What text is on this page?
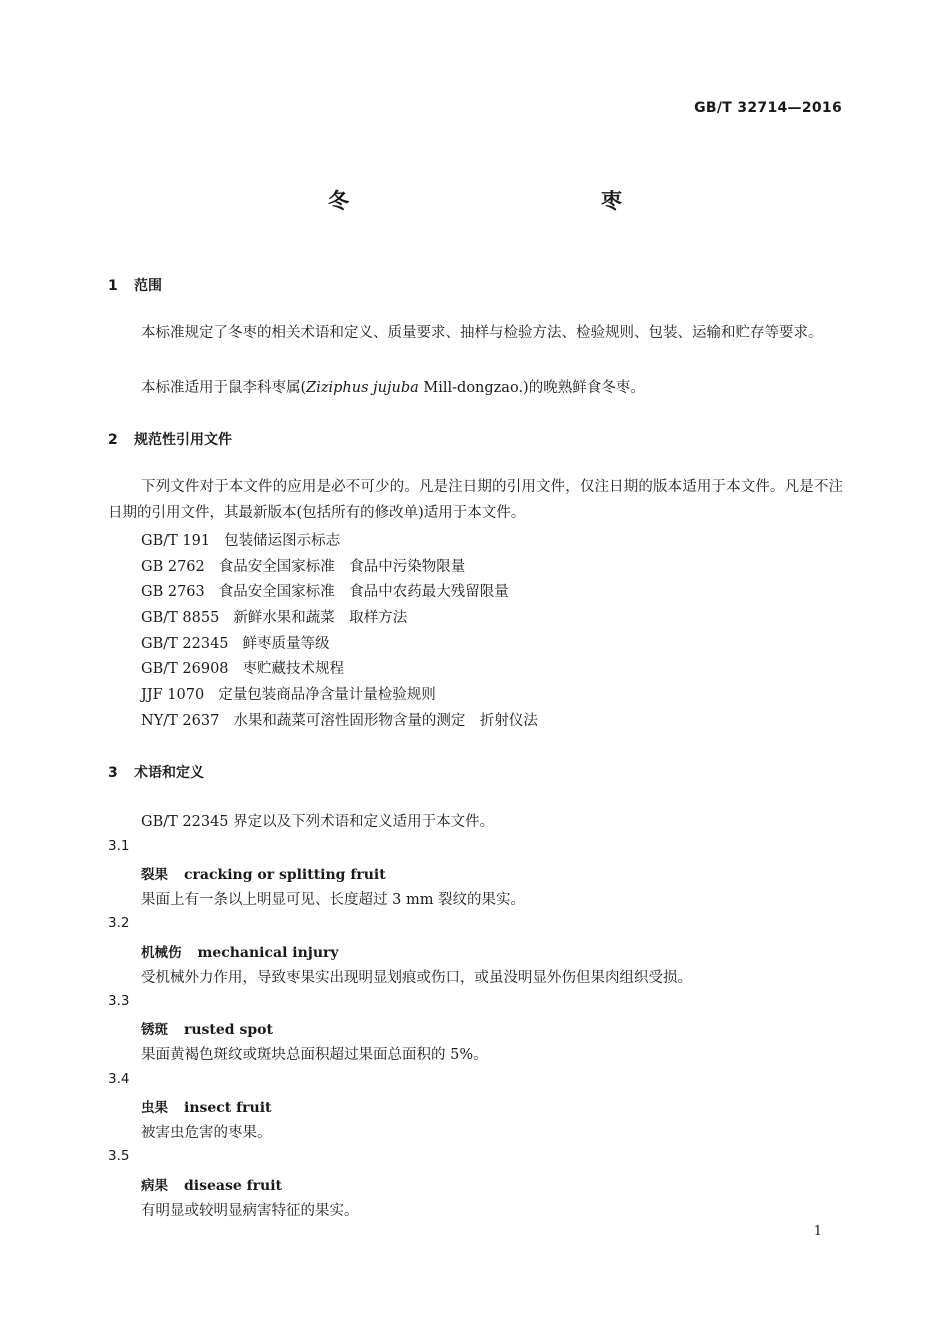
GB/T 32714—2016
冬　　枣
1 范围
本标准规定了冬枣的相关术语和定义、质量要求、抽样与检验方法、检验规则、包装、运输和贮存等要求。
本标准适用于鼠李科枣属(Ziziphus jujuba Mill-dongzao.)的晚熟鲜食冬枣。
2 规范性引用文件
下列文件对于本文件的应用是必不可少的。凡是注日期的引用文件，仅注日期的版本适用于本文件。凡是不注日期的引用文件，其最新版本(包括所有的修改单)适用于本文件。
GB/T 191 包装储运图示标志
GB 2762 食品安全国家标准　食品中污染物限量
GB 2763 食品安全国家标准　食品中农药最大残留限量
GB/T 8855 新鲜水果和蔬菜　取样方法
GB/T 22345 鲜枣质量等级
GB/T 26908 枣贮藏技术规程
JJF 1070 定量包装商品净含量计量检验规则
NY/T 2637 水果和蔬菜可溶性固形物含量的测定　折射仪法
3 术语和定义
GB/T 22345 界定以及下列术语和定义适用于本文件。
3.1
裂果 cracking or splitting fruit
果面上有一条以上明显可见、长度超过 3 mm 裂纹的果实。
3.2
机械伤 mechanical injury
受机械外力作用，导致枣果实出现明显划痕或伤口，或虽没明显外伤但果肉组织受损。
3.3
锈斑 rusted spot
果面黄褐色斑纹或斑块总面积超过果面总面积的 5%。
3.4
虫果 insect fruit
被害虫危害的枣果。
3.5
病果 disease fruit
有明显或较明显病害特征的果实。
1
